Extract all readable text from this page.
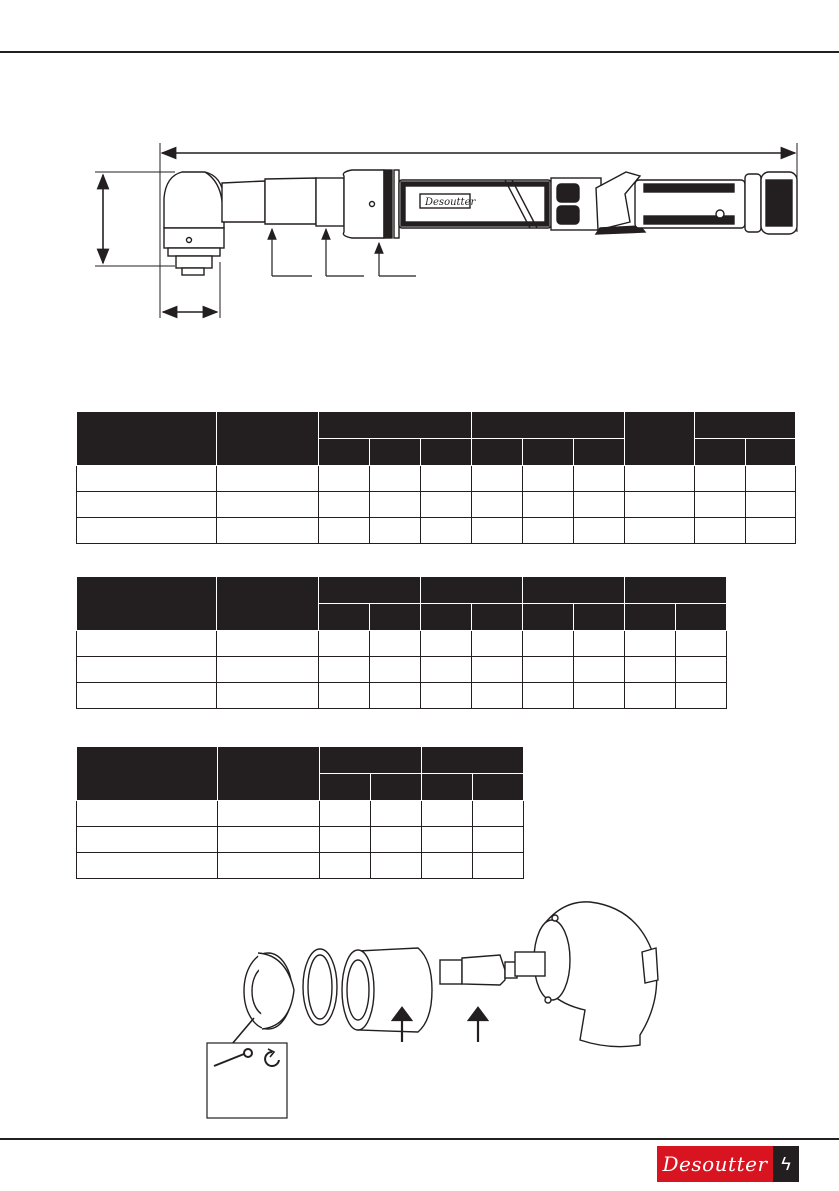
Desoutter

Desoutter ϟ
